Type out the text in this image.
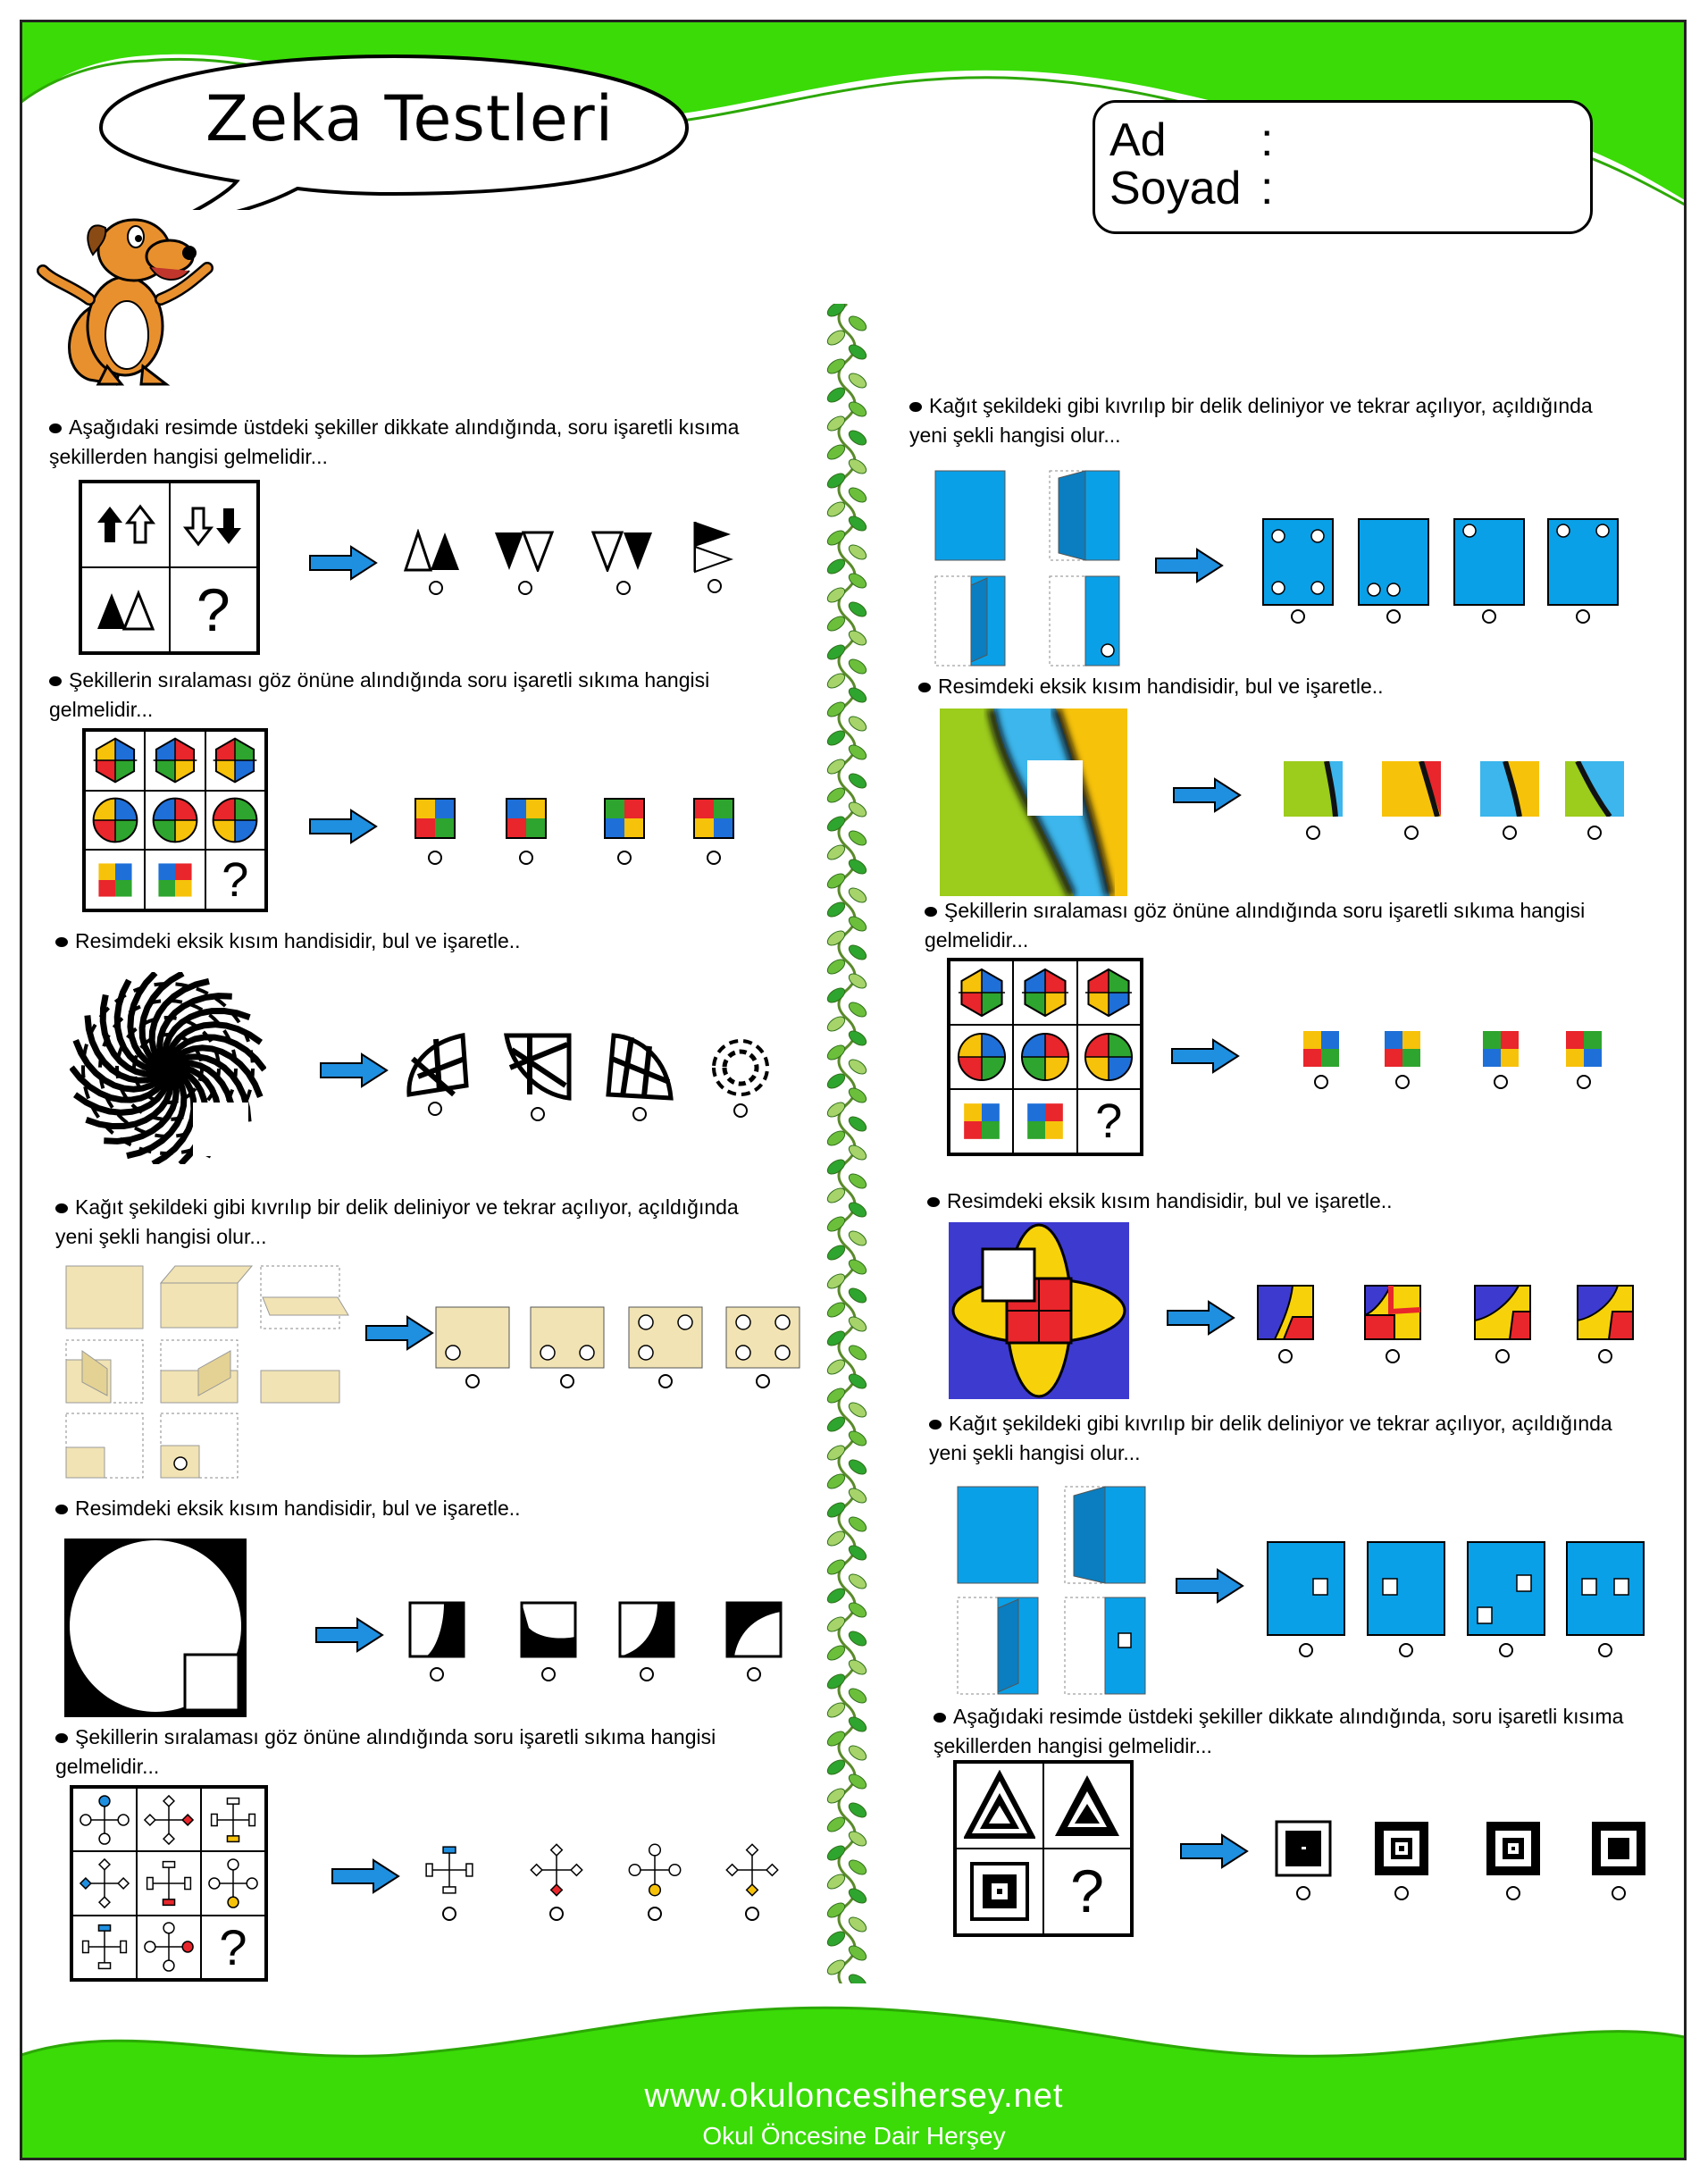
Zeka Testleri	Ad :
Soyad :
Aşağıdaki resimde üstdeki şekiller dikkate alındığında, soru işaretli kısıma şekillerden hangisi gelmelidir...
?
Şekillerin sıralaması göz önüne alındığında soru işaretli sıkıma hangisi gelmelidir...
?
Resimdeki eksik kısım handisidir, bul ve işaretle..
Kağıt şekildeki gibi kıvrılıp bir delik deliniyor ve tekrar açılıyor, açıldığında yeni şekli hangisi olur...
Resimdeki eksik kısım handisidir, bul ve işaretle..
Şekillerin sıralaması göz önüne alındığında soru işaretli sıkıma hangisi gelmelidir...
?
Kağıt şekildeki gibi kıvrılıp bir delik deliniyor ve tekrar açılıyor, açıldığında yeni şekli hangisi olur...
Resimdeki eksik kısım handisidir, bul ve işaretle..
Şekillerin sıralaması göz önüne alındığında soru işaretli sıkıma hangisi gelmelidir...
?
Resimdeki eksik kısım handisidir, bul ve işaretle..
Kağıt şekildeki gibi kıvrılıp bir delik deliniyor ve tekrar açılıyor, açıldığında yeni şekli hangisi olur...
Aşağıdaki resimde üstdeki şekiller dikkate alındığında, soru işaretli kısıma şekillerden hangisi gelmelidir...
?
www.okuloncesihersey.net
Okul Öncesine Dair Herşey
